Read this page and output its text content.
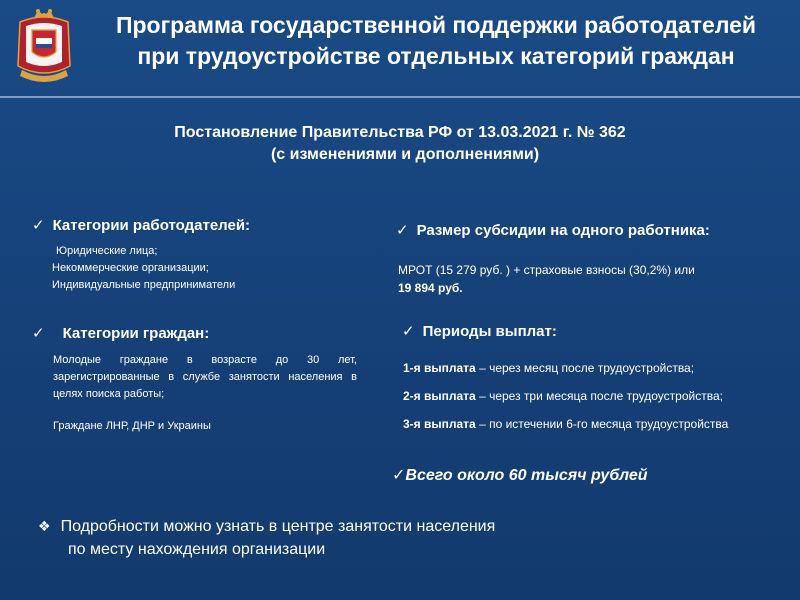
Программа государственной поддержки работодателей
при трудоустройстве отдельных категорий граждан
Постановление Правительства РФ от 13.03.2021 г. № 362
(с изменениями и дополнениями)
✓ Категории работодателей:
Юридические лица;
Некоммерческие организации;
Индивидуальные предприниматели
✓ Размер субсидии на одного работника:
МРОТ (15 279 руб. ) + страховые взносы (30,2%) или
19 894 руб.
✓ Категории граждан:
Молодые граждане в возрасте до 30 лет, зарегистрированные в службе занятости населения в целях поиска работы;
Граждане ЛНР, ДНР и Украины
✓ Периоды выплат:
1-я выплата – через месяц после трудоустройства;
2-я выплата – через три месяца после трудоустройства;
3-я выплата – по истечении 6-го месяца трудоустройства
✓Всего около 60 тысяч рублей
❖ Подробности можно узнать в центре занятости населения
по месту нахождения организации
